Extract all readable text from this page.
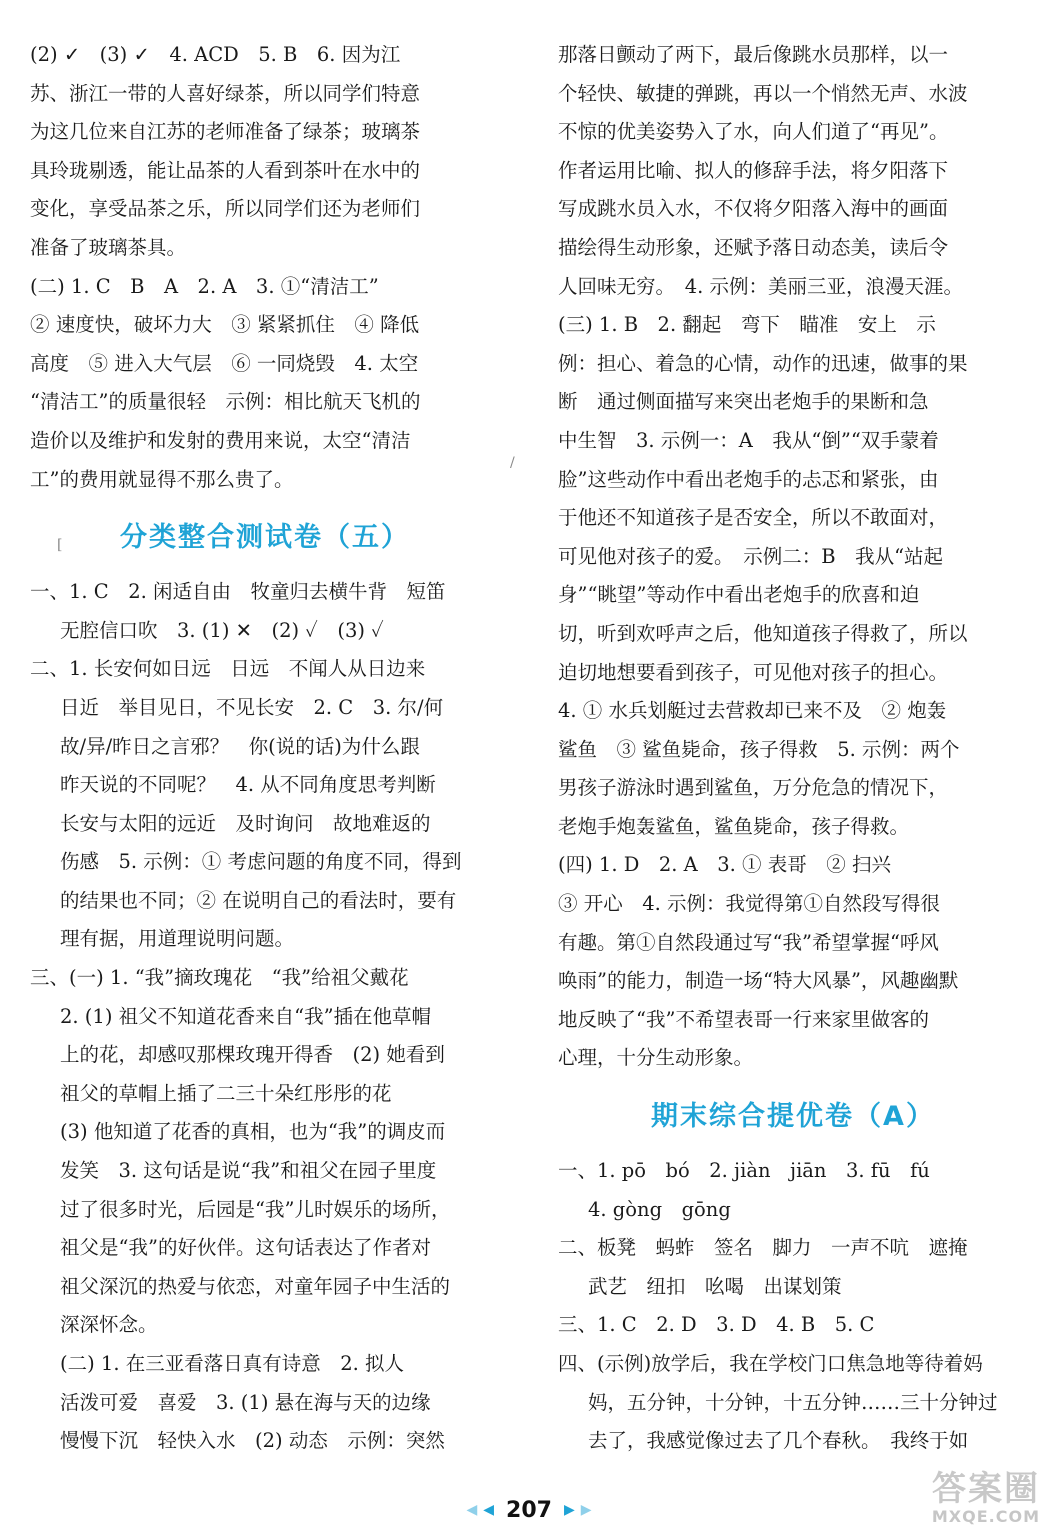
(2) ✓　(3) ✓　4. ACD　5. B　6. 因为江
苏、浙江一带的人喜好绿茶，所以同学们特意
为这几位来自江苏的老师准备了绿茶；玻璃茶
具玲珑剔透，能让品茶的人看到茶叶在水中的
变化，享受品茶之乐，所以同学们还为老师们
准备了玻璃茶具。
(二) 1. C　B　A　2. A　3. ①“清洁工”
② 速度快，破坏力大　③ 紧紧抓住　④ 降低
高度　⑤ 进入大气层　⑥ 一同烧毁　4. 太空
“清洁工”的质量很轻　示例：相比航天飞机的
造价以及维护和发射的费用来说，太空“清洁
工”的费用就显得不那么贵了。
分类整合测试卷（五）
一、1. C　2. 闲适自由　牧童归去横牛背　短笛
无腔信口吹　3. (1) ✕　(2) ✓　(3) ✓
二、1. 长安何如日远　日远　不闻人从日边来
日近　举目见日，不见长安　2. C　3. 尔/何
故/异/昨日之言邪？　你(说的话)为什么跟
昨天说的不同呢？　4. 从不同角度思考判断
长安与太阳的远近　及时询问　故地难返的
伤感　5. 示例：① 考虑问题的角度不同，得到
的结果也不同；② 在说明自己的看法时，要有
理有据，用道理说明问题。
三、(一) 1. “我”摘玫瑰花　“我”给祖父戴花
2. (1) 祖父不知道花香来自“我”插在他草帽
上的花，却感叹那棵玫瑰开得香　(2) 她看到
祖父的草帽上插了二三十朵红彤彤的花
(3) 他知道了花香的真相，也为“我”的调皮而
发笑　3. 这句话是说“我”和祖父在园子里度
过了很多时光，后园是“我”儿时娱乐的场所，
祖父是“我”的好伙伴。这句话表达了作者对
祖父深沉的热爱与依恋，对童年园子中生活的
深深怀念。
(二) 1. 在三亚看落日真有诗意　2. 拟人
活泼可爱　喜爱　3. (1) 悬在海与天的边缘
慢慢下沉　轻快入水　(2) 动态　示例：突然
那落日颤动了两下，最后像跳水员那样，以一
个轻快、敏捷的弹跳，再以一个悄然无声、水波
不惊的优美姿势入了水，向人们道了“再见”。
作者运用比喻、拟人的修辞手法，将夕阳落下
写成跳水员入水，不仅将夕阳落入海中的画面
描绘得生动形象，还赋予落日动态美，读后令
人回味无穷。　4. 示例：美丽三亚，浪漫天涯。
(三) 1. B　2. 翻起　弯下　瞄准　安上　示
例：担心、着急的心情，动作的迅速，做事的果
断　通过侧面描写来突出老炮手的果断和急
中生智　3. 示例一：A　我从“倒”“双手蒙着
脸”这些动作中看出老炮手的忐忑和紧张，由
于他还不知道孩子是否安全，所以不敢面对，
可见他对孩子的爱。　示例二：B　我从“站起
身”“眺望”等动作中看出老炮手的欣喜和迫
切，听到欢呼声之后，他知道孩子得救了，所以
迫切地想要看到孩子，可见他对孩子的担心。
4. ① 水兵划艇过去营救却已来不及　② 炮轰
鲨鱼　③ 鲨鱼毙命，孩子得救　5. 示例：两个
男孩子游泳时遇到鲨鱼，万分危急的情况下，
老炮手炮轰鲨鱼，鲨鱼毙命，孩子得救。
(四) 1. D　2. A　3. ① 表哥　② 扫兴
③ 开心　4. 示例：我觉得第①自然段写得很
有趣。第①自然段通过写“我”希望掌握“呼风
唤雨”的能力，制造一场“特大风暴”，风趣幽默
地反映了“我”不希望表哥一行来家里做客的
心理，十分生动形象。
期末综合提优卷（A）
一、1. pō　bó　2. jiàn　jiān　3. fū　fú
4. gòng　gōng
二、板凳　蚂蚱　签名　脚力　一声不吭　遮掩
武艺　纽扣　吆喝　出谋划策
三、1. C　2. D　3. D　4. B　5. C
四、(示例)放学后，我在学校门口焦急地等待着妈
妈，五分钟，十分钟，十五分钟……三十分钟过
去了，我感觉像过去了几个春秋。　我终于如
/
[
◀ ◀ 207 ▶ ▶
答案圈
MXQE.COM
